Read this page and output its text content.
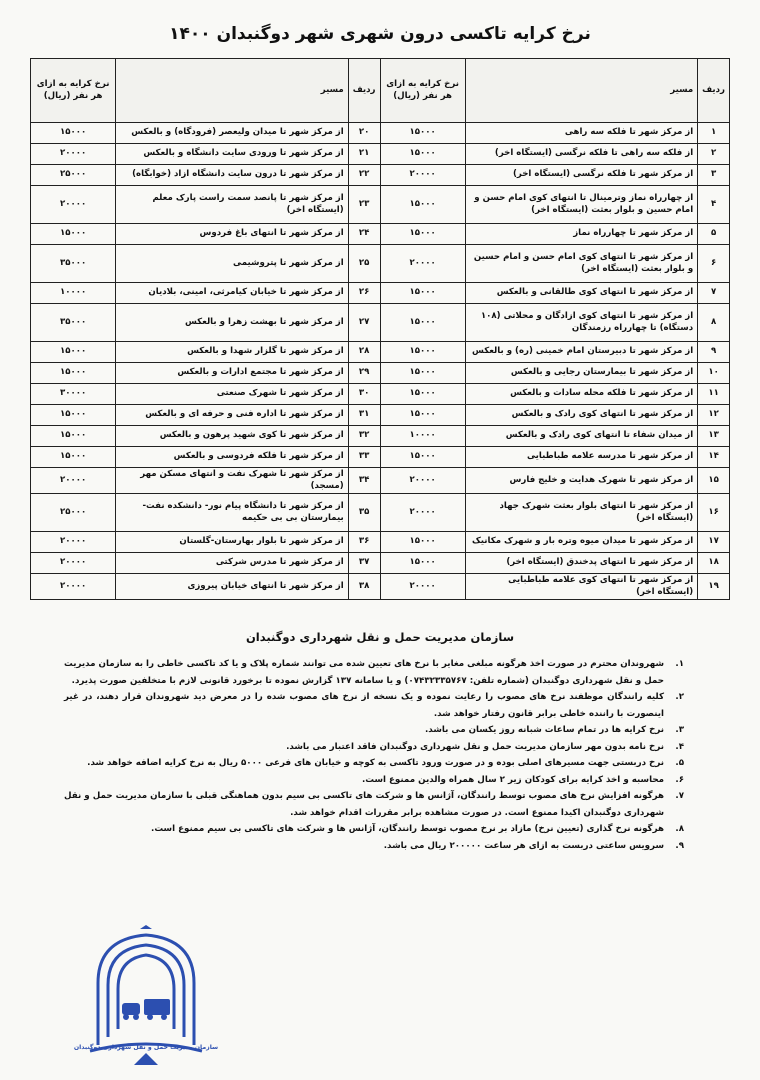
نرخ کرایه تاکسی درون شهری شهر دوگنبدان ۱۴۰۰
ردیف	مسیر	نرخ کرایه به ازای هر نفر (ریال)	ردیف	مسیر	نرخ کرایه به ازای هر نفر (ریال)
۱	از مرکز شهر تا فلکه سه راهی	۱۵۰۰۰	۲۰	از مرکز شهر تا میدان ولیعصر (فرودگاه) و بالعکس	۱۵۰۰۰
۲	از فلکه سه راهی تا فلکه نرگسی (ایستگاه اخر)	۱۵۰۰۰	۲۱	از مرکز شهر تا ورودی سایت دانشگاه و بالعکس	۲۰۰۰۰
۳	از مرکز شهر تا فلکه نرگسی (ایستگاه اخر)	۲۰۰۰۰	۲۲	از مرکز شهر تا درون سایت دانشگاه ازاد (خوابگاه)	۲۵۰۰۰
۴	از چهارراه نماز وترمینال تا انتهای کوی امام حسن و امام حسین و بلوار بعثت (ایستگاه اخر)	۱۵۰۰۰	۲۳	از مرکز شهر تا پانصد سمت راست پارک معلم (ایستگاه اخر)	۲۰۰۰۰
۵	از مرکز شهر تا چهارراه نماز	۱۵۰۰۰	۲۴	از مرکز شهر تا انتهای باغ فردوس	۱۵۰۰۰
۶	از مرکز شهر تا انتهای کوی امام حسن و امام حسین و بلوار بعثت (ایستگاه اخر)	۲۰۰۰۰	۲۵	از مرکز شهر تا پتروشیمی	۳۵۰۰۰
۷	از مرکز شهر تا انتهای کوی طالقانی و بالعکس	۱۵۰۰۰	۲۶	از مرکز شهر تا خیابان کیامرثی، امینی، بلادیان	۱۰۰۰۰
۸	از مرکز شهر تا انتهای کوی ازادگان و محلاتی (۱۰۸ دستگاه) تا چهارراه رزمندگان	۱۵۰۰۰	۲۷	از مرکز شهر تا بهشت زهرا و بالعکس	۳۵۰۰۰
۹	از مرکز شهر تا دبیرستان امام خمینی (ره) و بالعکس	۱۵۰۰۰	۲۸	از مرکز شهر تا گلزار شهدا و بالعکس	۱۵۰۰۰
۱۰	از مرکز شهر تا بیمارستان رجایی و بالعکس	۱۵۰۰۰	۲۹	از مرکز شهر تا مجتمع ادارات و بالعکس	۱۵۰۰۰
۱۱	از مرکز شهر تا فلکه محله سادات و بالعکس	۱۵۰۰۰	۳۰	از مرکز شهر تا شهرک صنعتی	۳۰۰۰۰
۱۲	از مرکز شهر تا انتهای کوی رادک و بالعکس	۱۵۰۰۰	۳۱	از مرکز شهر تا اداره فنی و حرفه ای و بالعکس	۱۵۰۰۰
۱۳	از میدان شفاء تا انتهای کوی رادک و بالعکس	۱۰۰۰۰	۳۲	از مرکز شهر تا کوی شهید پرهون و بالعکس	۱۵۰۰۰
۱۴	از مرکز شهر تا مدرسه علامه طباطبایی	۱۵۰۰۰	۳۳	از مرکز شهر تا فلکه فردوسی و بالعکس	۱۵۰۰۰
۱۵	از مرکز شهر تا شهرک هدایت و خلیج فارس	۲۰۰۰۰	۳۴	از مرکز شهر تا شهرک نفت و انتهای مسکن مهر (مسجد)	۲۰۰۰۰
۱۶	از مرکز شهر تا انتهای بلوار بعثت شهرک جهاد (ایستگاه اخر)	۲۰۰۰۰	۳۵	از مرکز شهر تا دانشگاه پیام نور- دانشکده نفت- بیمارستان بی بی حکیمه	۲۵۰۰۰
۱۷	از مرکز شهر تا میدان میوه وتره بار و شهرک مکانیک	۱۵۰۰۰	۳۶	از مرکز شهر تا بلوار بهارستان-گلستان	۲۰۰۰۰
۱۸	از مرکز شهر تا انتهای پدخندق (ایستگاه اخر)	۱۵۰۰۰	۳۷	از مرکز شهر تا مدرس شرکتی	۲۰۰۰۰
۱۹	از مرکز شهر تا انتهای کوی علامه طباطبایی (ایستگاه اخر)	۲۰۰۰۰	۳۸	از مرکز شهر تا انتهای خیابان پیروزی	۲۰۰۰۰
سازمان مدیریت حمل و نقل شهرداری دوگنبدان
۱.
شهروندان محترم در صورت اخذ هرگونه مبلغی مغایر با نرخ های تعیین شده می توانند شماره پلاک و یا کد تاکسی خاطی را به سازمان مدیریت حمل و نقل شهرداری دوگنبدان (شماره تلفن: ۰۷۴۳۲۳۳۵۷۶۷) و یا سامانه ۱۳۷ گزارش نموده تا برخورد قانونی لازم با متخلفین صورت پذیرد.
۲.
کلیه رانندگان موظفند نرخ های مصوب را رعایت نموده و یک نسخه از نرخ های مصوب شده را در معرض دید شهروندان قرار دهند، در غیر اینصورت با راننده خاطی برابر قانون رفتار خواهد شد.
۳.
نرخ کرایه ها در تمام ساعات شبانه روز یکسان می باشد.
۴.
نرخ نامه بدون مهر سازمان مدیریت حمل و نقل شهرداری دوگنبدان فاقد اعتبار می باشد.
۵.
نرخ دربستی جهت مسیرهای اصلی بوده و در صورت ورود تاکسی به کوچه و خیابان های فرعی ۵۰۰۰ ریال به نرخ کرایه اضافه خواهد شد.
۶.
محاسبه و اخذ کرایه برای کودکان زیر ۲ سال همراه والدین ممنوع است.
۷.
هرگونه افزایش نرخ های مصوب توسط رانندگان، آژانس ها و شرکت های تاکسی بی سیم بدون هماهنگی قبلی با سازمان مدیریت حمل و نقل شهرداری دوگنبدان اکیدا ممنوع است. در صورت مشاهده برابر مقررات اقدام خواهد شد.
۸.
هرگونه نرخ گذاری (تعیین نرخ) مازاد بر نرخ مصوب توسط رانندگان، آژانس ها و شرکت های تاکسی بی سیم ممنوع است.
۹.
سرویس ساعتی دربست به ازای هر ساعت ۲۰۰۰۰۰ ریال می باشد.
سازمان مدیریت حمل و نقل شهرداری دوگنبدان
